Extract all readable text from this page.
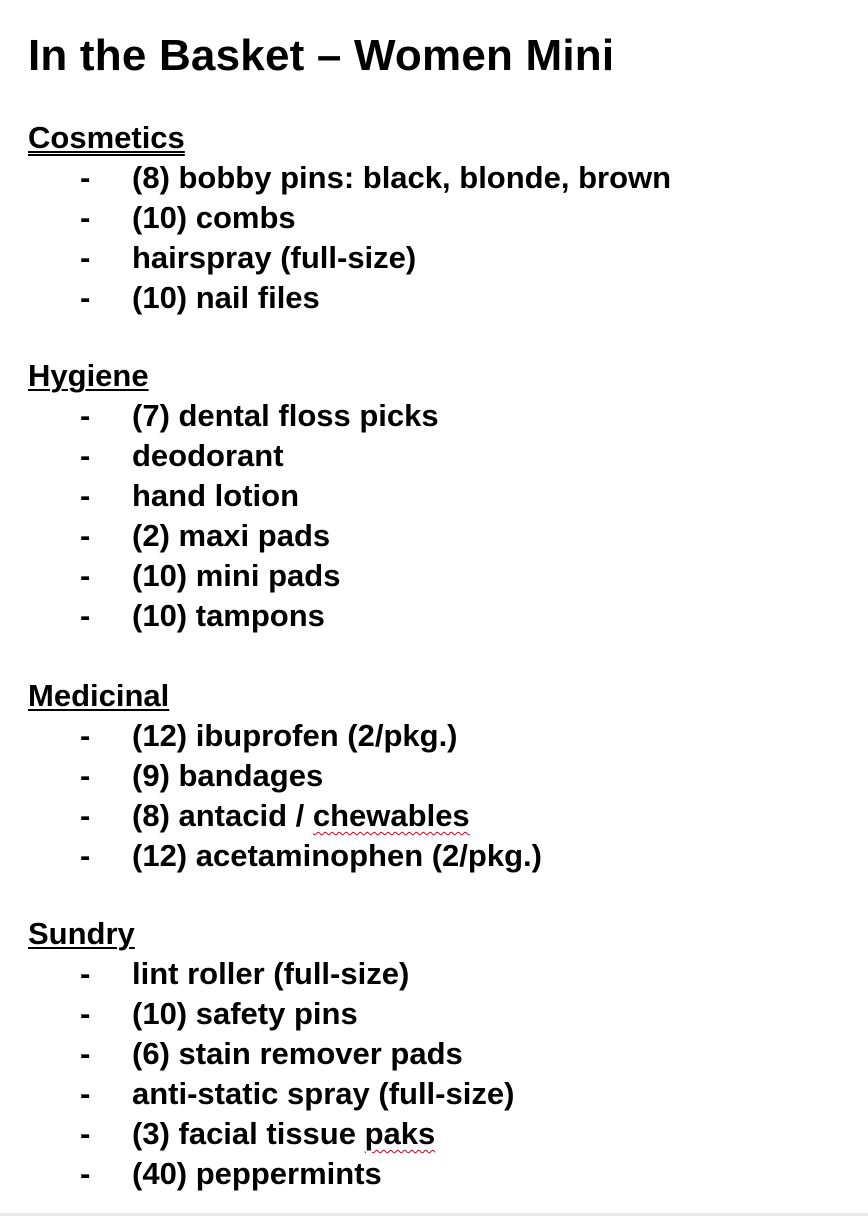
In the Basket – Women Mini
Cosmetics
-	(8) bobby pins: black, blonde, brown
-	(10) combs
-	hairspray (full-size)
-	(10) nail files
Hygiene
-	(7) dental floss picks
-	deodorant
-	hand lotion
-	(2) maxi pads
-	(10) mini pads
-	(10) tampons
Medicinal
-	(12) ibuprofen (2/pkg.)
-	(9) bandages
-	(8) antacid / chewables
-	(12) acetaminophen (2/pkg.)
Sundry
-	lint roller (full-size)
-	(10) safety pins
-	(6) stain remover pads
-	anti-static spray (full-size)
-	(3) facial tissue paks
-	(40) peppermints
